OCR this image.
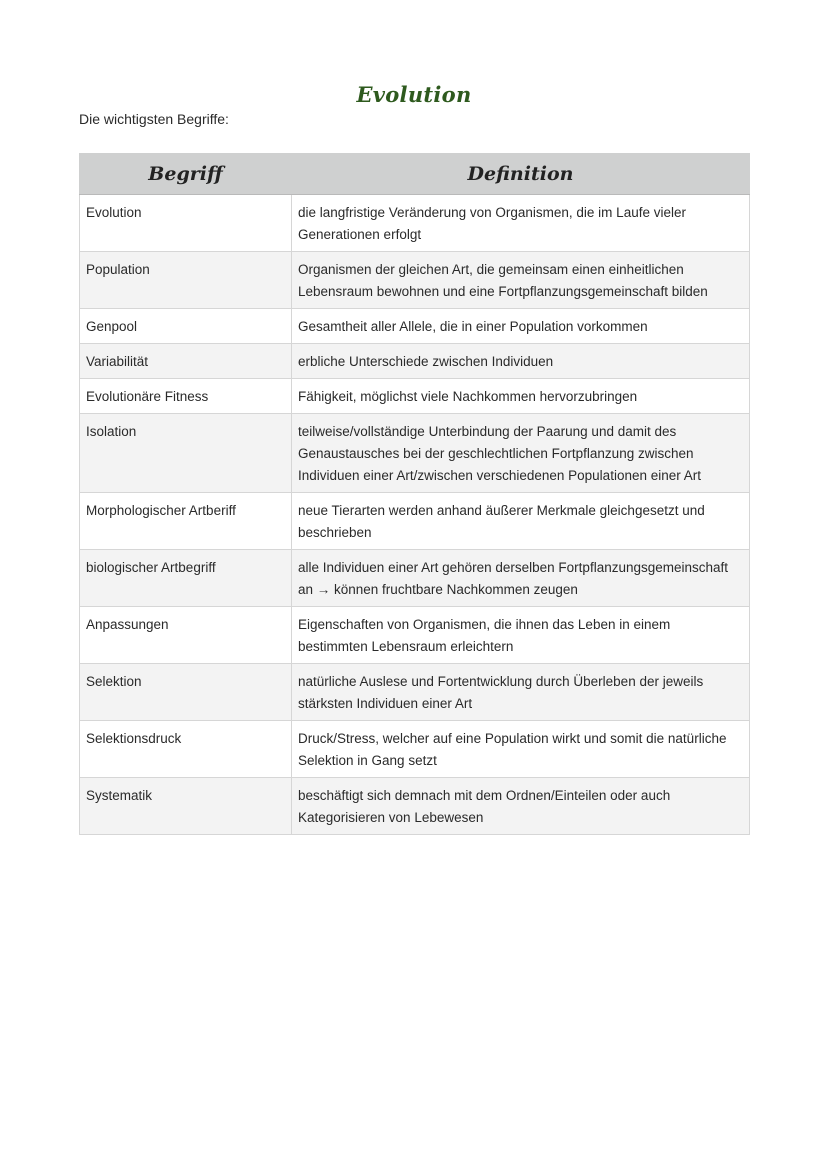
Evolution
Die wichtigsten Begriffe:
Begriff	Definition
Evolution	die langfristige Veränderung von Organismen, die im Laufe vieler Generationen erfolgt
Population	Organismen der gleichen Art, die gemeinsam einen einheitlichen Lebensraum bewohnen und eine Fortpflanzungsgemeinschaft bilden
Genpool	Gesamtheit aller Allele, die in einer Population vorkommen
Variabilität	erbliche Unterschiede zwischen Individuen
Evolutionäre Fitness	Fähigkeit, möglichst viele Nachkommen hervorzubringen
Isolation	teilweise/vollständige Unterbindung der Paarung und damit des Genaustausches bei der geschlechtlichen Fortpflanzung zwischen Individuen einer Art/zwischen verschiedenen Populationen einer Art
Morphologischer Artberiff	neue Tierarten werden anhand äußerer Merkmale gleichgesetzt und beschrieben
biologischer Artbegriff	alle Individuen einer Art gehören derselben Fortpflanzungsgemeinschaft an → können fruchtbare Nachkommen zeugen
Anpassungen	Eigenschaften von Organismen, die ihnen das Leben in einem bestimmten Lebensraum erleichtern
Selektion	natürliche Auslese und Fortentwicklung durch Überleben der jeweils stärksten Individuen einer Art
Selektionsdruck	Druck/Stress, welcher auf eine Population wirkt und somit die natürliche Selektion in Gang setzt
Systematik	beschäftigt sich demnach mit dem Ordnen/Einteilen oder auch Kategorisieren von Lebewesen
